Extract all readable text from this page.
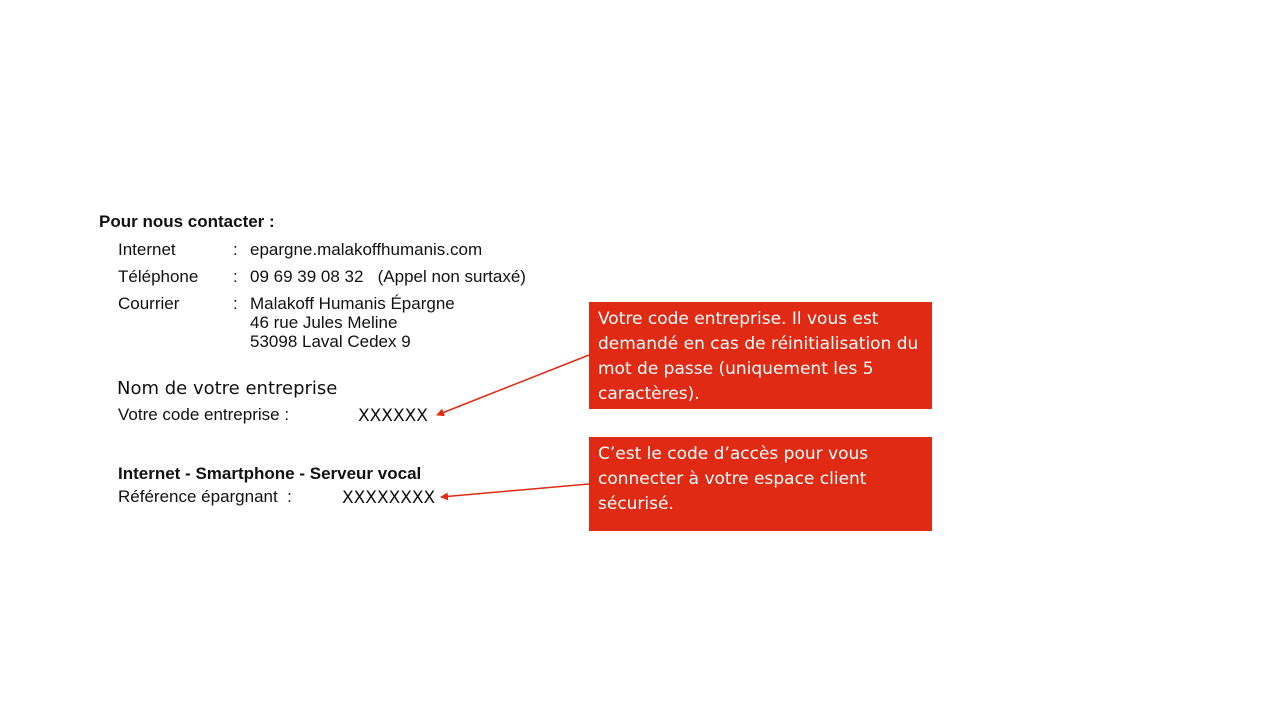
Pour nous contacter :
Internet	: epargne.malakoffhumanis.com
Téléphone : 09 69 39 08 32   (Appel non surtaxé)
Courrier	: Malakoff Humanis Épargne
46 rue Jules Meline
53098 Laval Cedex 9
Nom de votre entreprise
Votre code entreprise :	XXXXXX
Internet - Smartphone - Serveur vocal
Référence épargnant  :	XXXXXXXX
Votre code entreprise. Il vous est demandé en cas de réinitialisation du mot de passe (uniquement les 5 caractères).
C’est le code d’accès pour vous connecter à votre espace client sécurisé.
